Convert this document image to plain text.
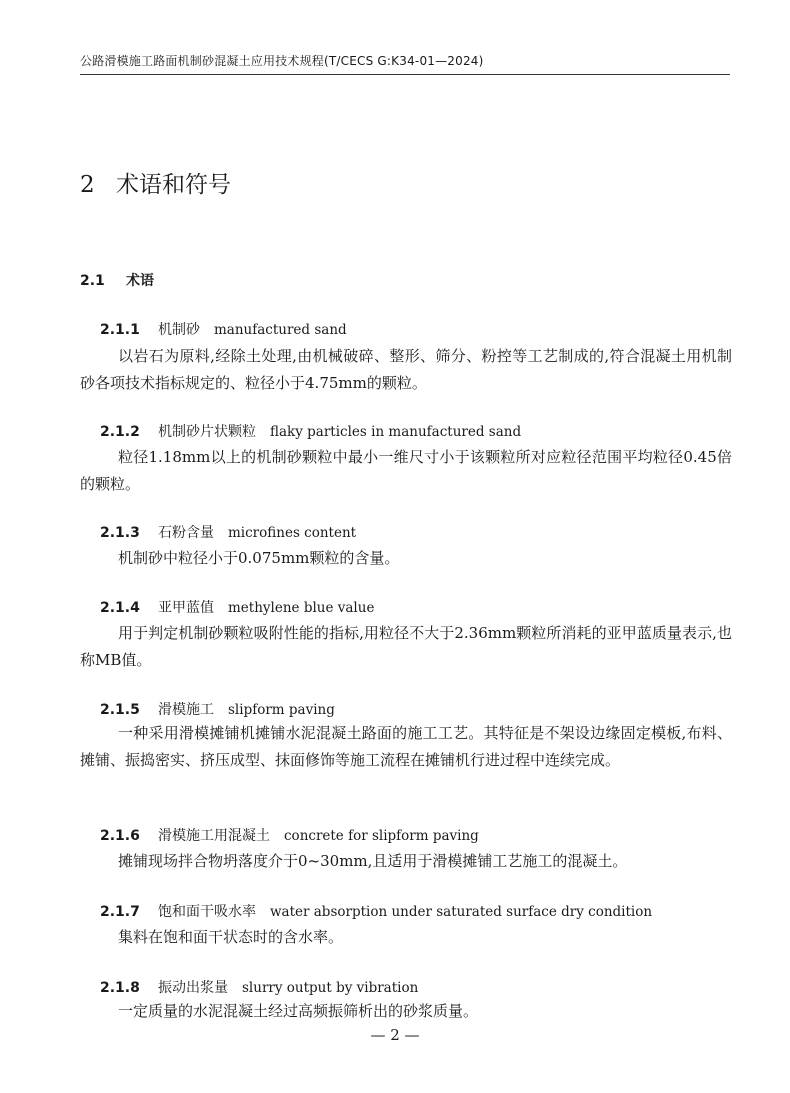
公路滑模施工路面机制砂混凝土应用技术规程(T/CECS G:K34-01—2024)
2 术语和符号
2.1 术语
2.1.1 机制砂 manufactured sand
以岩石为原料,经除土处理,由机械破碎、整形、筛分、粉控等工艺制成的,符合混凝土用机制砂各项技术指标规定的、粒径小于4.75mm的颗粒。
2.1.2 机制砂片状颗粒 flaky particles in manufactured sand
粒径1.18mm以上的机制砂颗粒中最小一维尺寸小于该颗粒所对应粒径范围平均粒径0.45倍的颗粒。
2.1.3 石粉含量 microfines content
机制砂中粒径小于0.075mm颗粒的含量。
2.1.4 亚甲蓝值 methylene blue value
用于判定机制砂颗粒吸附性能的指标,用粒径不大于2.36mm颗粒所消耗的亚甲蓝质量表示,也称MB值。
2.1.5 滑模施工 slipform paving
一种采用滑模摊铺机摊铺水泥混凝土路面的施工工艺。其特征是不架设边缘固定模板,布料、摊铺、振捣密实、挤压成型、抹面修饰等施工流程在摊铺机行进过程中连续完成。
2.1.6 滑模施工用混凝土 concrete for slipform paving
摊铺现场拌合物坍落度介于0~30mm,且适用于滑模摊铺工艺施工的混凝土。
2.1.7 饱和面干吸水率 water absorption under saturated surface dry condition
集料在饱和面干状态时的含水率。
2.1.8 振动出浆量 slurry output by vibration
一定质量的水泥混凝土经过高频振筛析出的砂浆质量。
— 2 —
